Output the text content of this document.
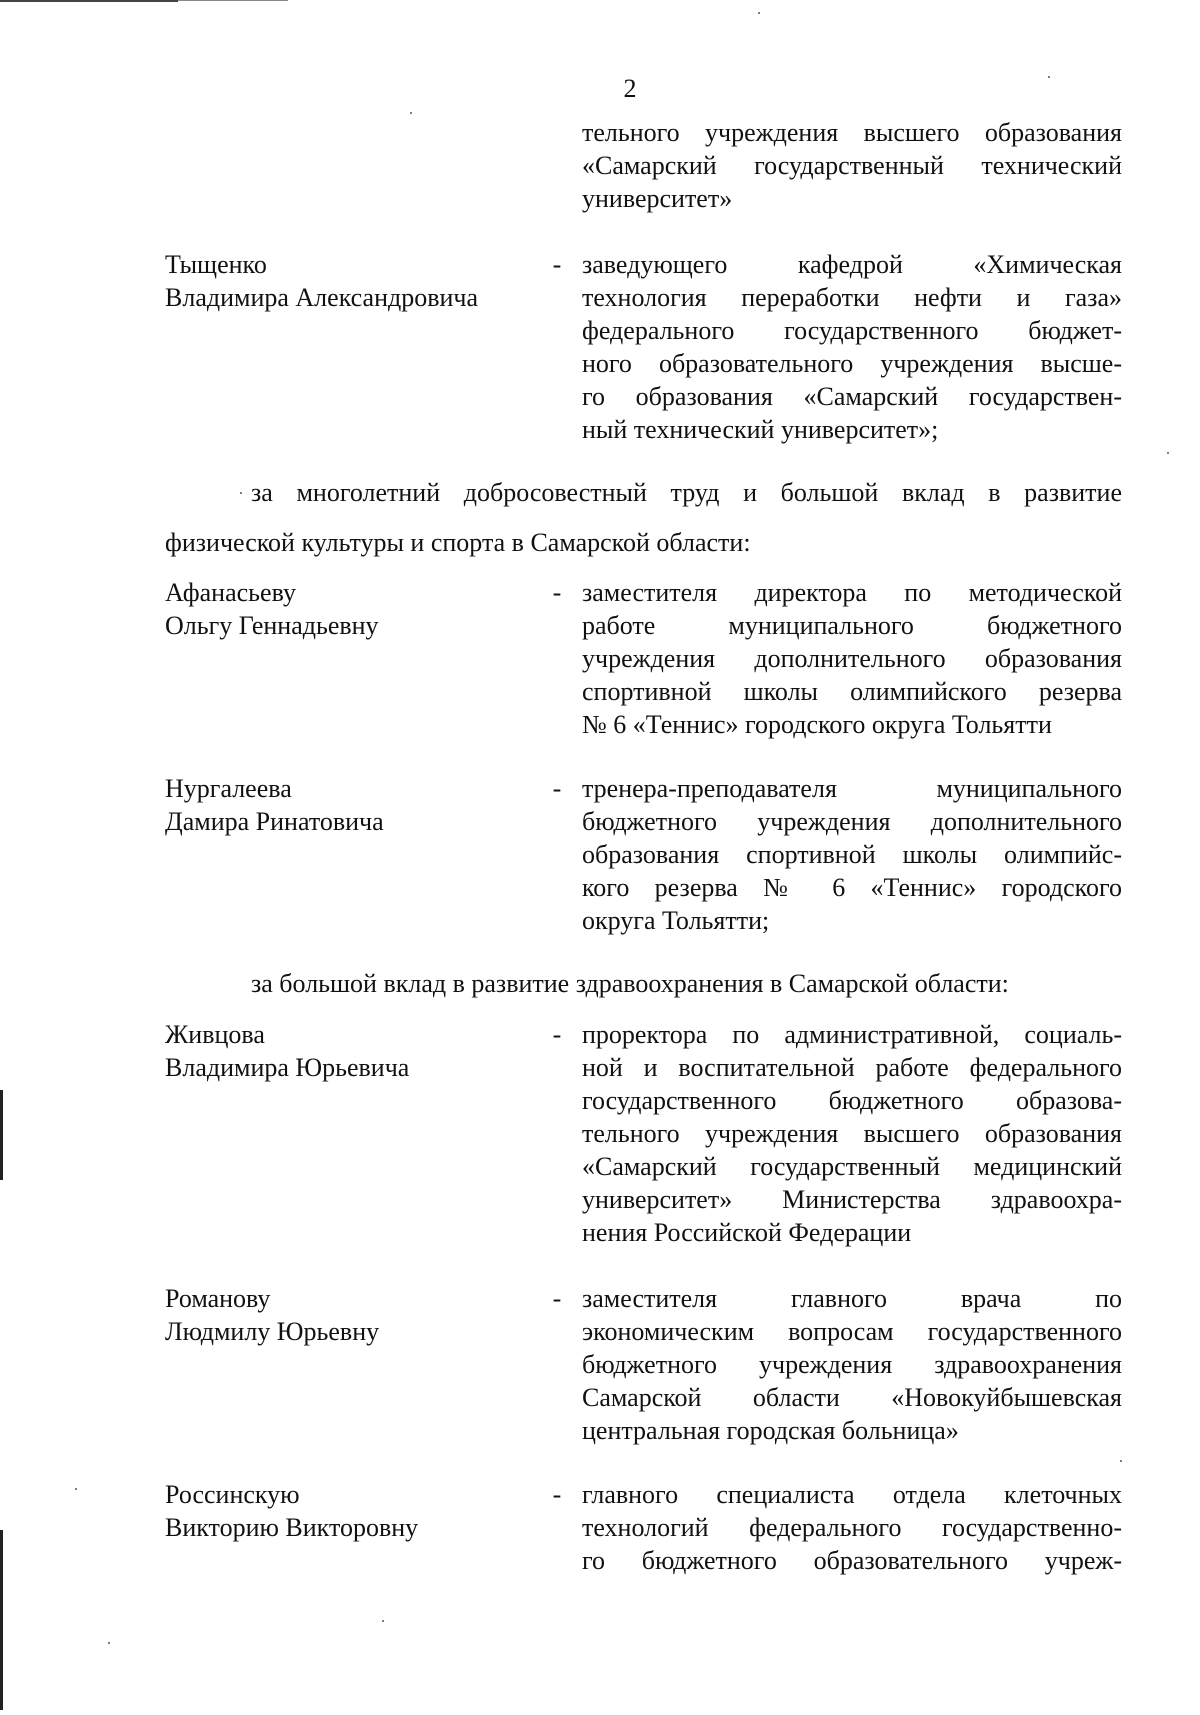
2
тельного учреждения высшего образования
«Самарский государственный технический
университет»
Тыщенко
Владимира Александровича
- заведующего кафедрой «Химическая
технология переработки нефти и газа»
федерального государственного бюджет-
ного образовательного учреждения высше-
го образования «Самарский государствен-
ный технический университет»;
за многолетний добросовестный труд и большой вклад в развитие
физической культуры и спорта в Самарской области:
Афанасьеву
Ольгу Геннадьевну
- заместителя директора по методической
работе муниципального бюджетного
учреждения дополнительного образования
спортивной школы олимпийского резерва
№ 6 «Теннис» городского округа Тольятти
Нургалеева
Дамира Ринатовича
- тренера-преподавателя муниципального
бюджетного учреждения дополнительного
образования спортивной школы олимпийс-
кого резерва № 6 «Теннис» городского
округа Тольятти;
за большой вклад в развитие здравоохранения в Самарской области:
Живцова
Владимира Юрьевича
- проректора по административной, социаль-
ной и воспитательной работе федерального
государственного бюджетного образова-
тельного учреждения высшего образования
«Самарский государственный медицинский
университет» Министерства здравоохра-
нения Российской Федерации
Романову
Людмилу Юрьевну
- заместителя главного врача по
экономическим вопросам государственного
бюджетного учреждения здравоохранения
Самарской области «Новокуйбышевская
центральная городская больница»
Россинскую
Викторию Викторовну
- главного специалиста отдела клеточных
технологий федерального государственно-
го бюджетного образовательного учреж-
